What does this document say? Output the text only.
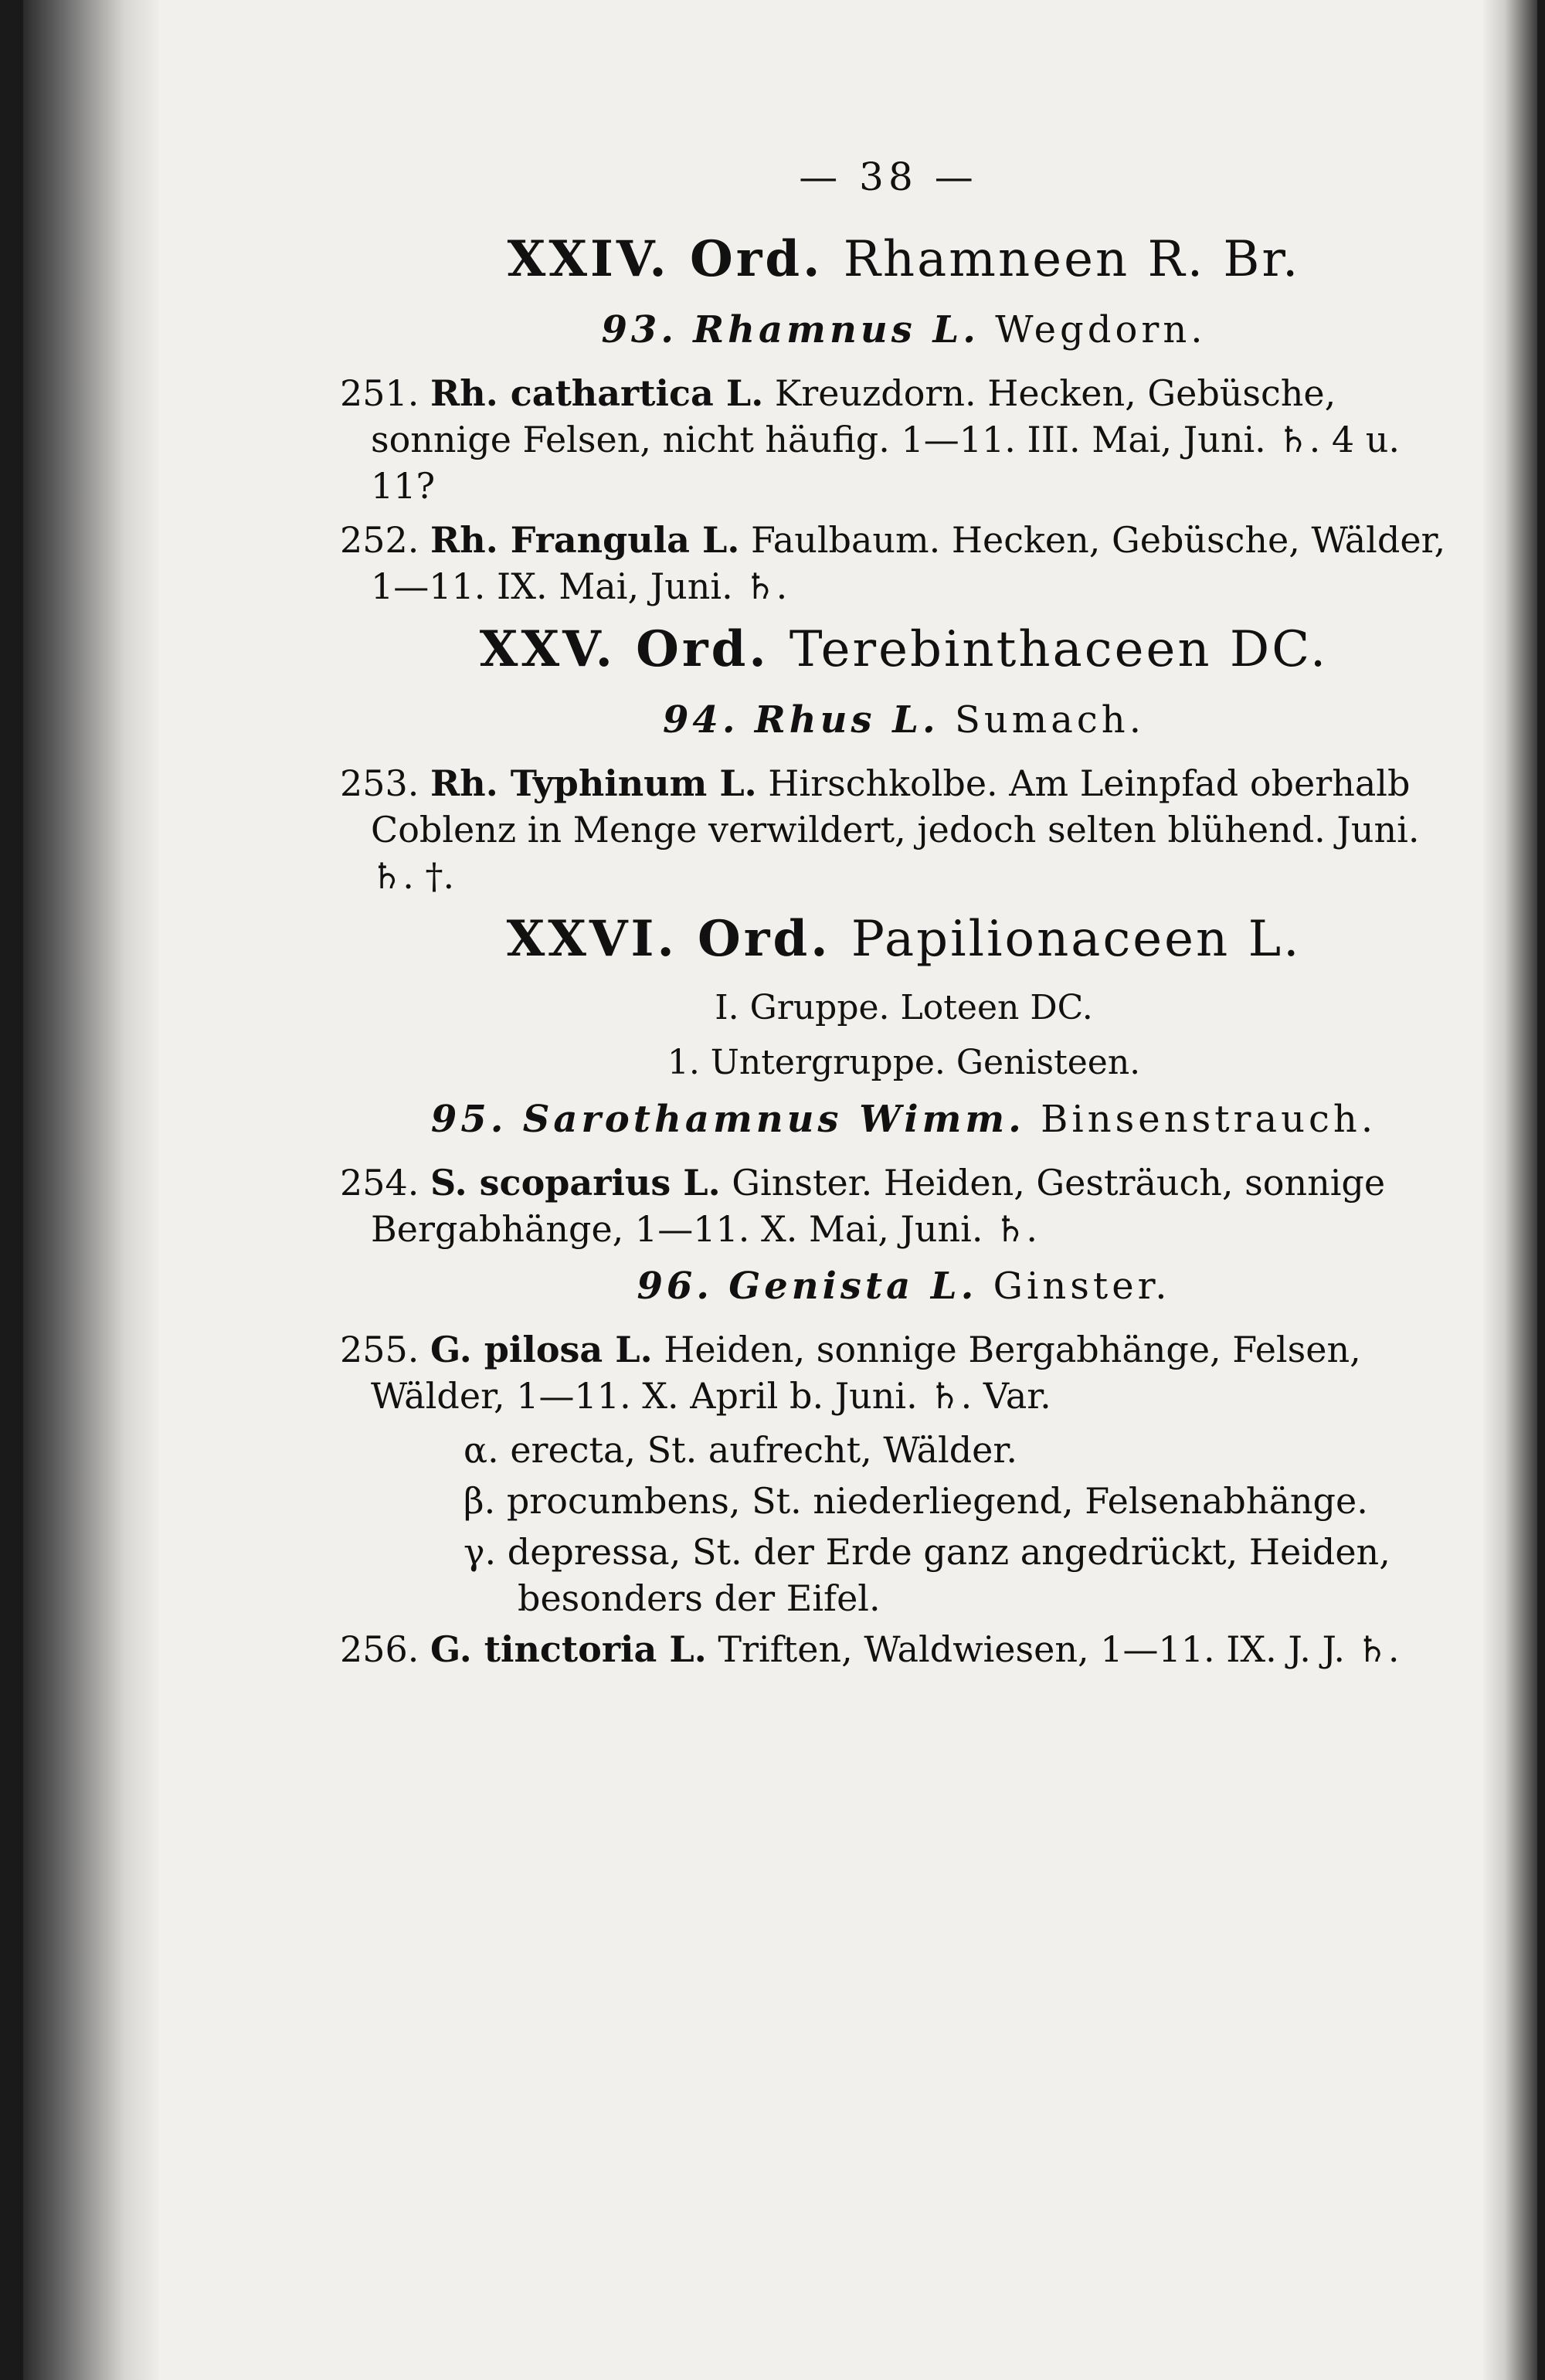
— 38 —
XXIV. Ord. Rhamneen R. Br.
93. Rhamnus L. Wegdorn.
251. Rh. cathartica L. Kreuzdorn. Hecken, Gebüsche, sonnige Felsen, nicht häufig. 1—11. III. Mai, Juni. ♄. 4 u. 11?
252. Rh. Frangula L. Faulbaum. Hecken, Gebüsche, Wälder, 1—11. IX. Mai, Juni. ♄.
XXV. Ord. Terebinthaceen DC.
94. Rhus L. Sumach.
253. Rh. Typhinum L. Hirschkolbe. Am Leinpfad oberhalb Coblenz in Menge verwildert, jedoch selten blühend. Juni. ♄. †.
XXVI. Ord. Papilionaceen L.
I. Gruppe. Loteen DC.
1. Untergruppe. Genisteen.
95. Sarothamnus Wimm. Binsenstrauch.
254. S. scoparius L. Ginster. Heiden, Gesträuch, sonnige Bergabhänge, 1—11. X. Mai, Juni. ♄.
96. Genista L. Ginster.
255. G. pilosa L. Heiden, sonnige Bergabhänge, Felsen, Wälder, 1—11. X. April b. Juni. ♄. Var.
α. erecta, St. aufrecht, Wälder.
β. procumbens, St. niederliegend, Felsenabhänge.
γ. depressa, St. der Erde ganz angedrückt, Heiden, besonders der Eifel.
256. G. tinctoria L. Triften, Waldwiesen, 1—11. IX. J. J. ♄.
